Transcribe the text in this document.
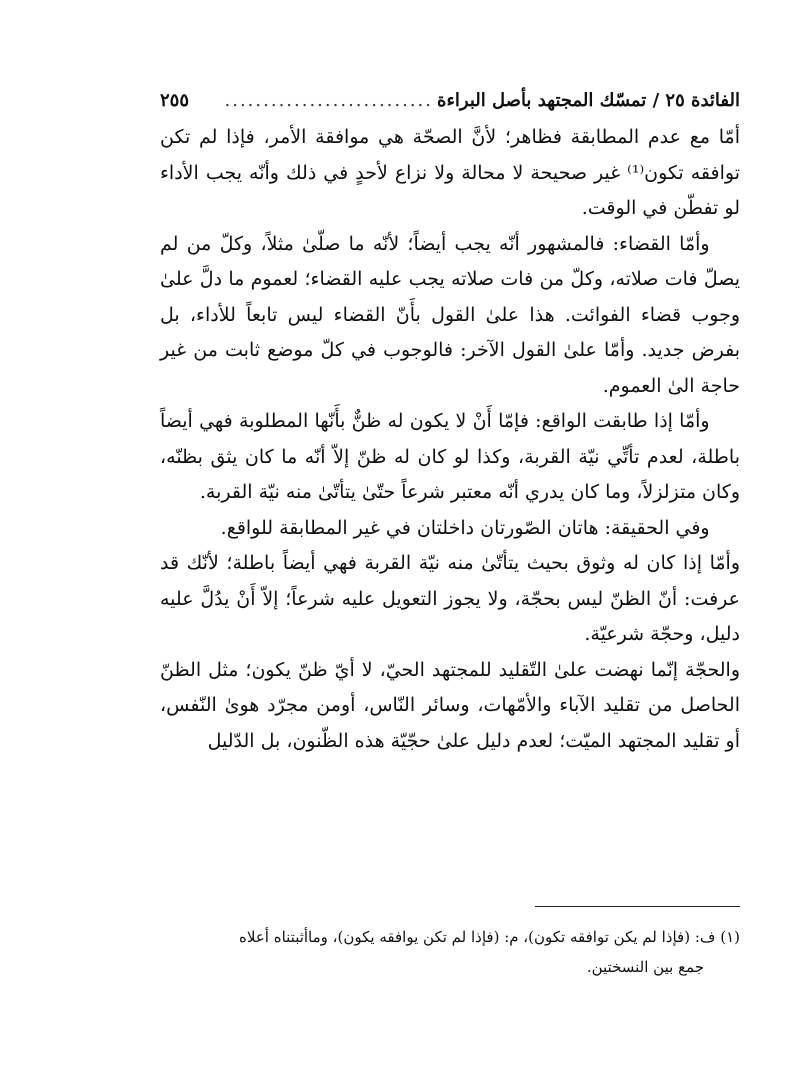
الفائدة ٢٥ / تمسّك المجتهد بأصل البراءة
...........................
٢٥٥

أمّا مع عدم المطابقة فظاهر؛ لأنَّ الصحّة هي موافقة الأمر، فإذا لم تكن توافقه تكون⁽¹⁾ غير صحيحة لا محالة ولا نزاع لأحدٍ في ذلك وأنّه يجب الأداء لو تفطّن في الوقت.

وأمّا القضاء: فالمشهور أنّه يجب أيضاً؛ لأنّه ما صلّىٰ مثلاً، وكلّ من لم يصلّ فات صلاته، وكلّ من فات صلاته يجب عليه القضاء؛ لعموم ما دلَّ علىٰ وجوب قضاء الفوائت. هذا علىٰ القول بأَنّ القضاء ليس تابعاً للأداء، بل بفرض جديد. وأمّا علىٰ القول الآخر: فالوجوب في كلّ موضع ثابت من غير حاجة الىٰ العموم.

وأمّا إذا طابقت الواقع: فإمّا أَنْ لا يكون له ظنٌّ بأَنّها المطلوبة فهي أيضاً باطلة، لعدم تأتِّي نيّة القربة، وكذا لو كان له ظنّ إلاّ أنّه ما كان يثق بظنّه، وكان متزلزلاً، وما كان يدري أنّه معتبر شرعاً حتّىٰ يتأتّىٰ منه نيّة القربة.

وفي الحقيقة: هاتان الصّورتان داخلتان في غير المطابقة للواقع.

وأمّا إذا كان له وثوق بحيث يتأتّىٰ منه نيّة القربة فهي أيضاً باطلة؛ لأنّك قد عرفت: أنّ الظنّ ليس بحجّة، ولا يجوز التعويل عليه شرعاً؛ إلاّ أَنْ يدُلَّ عليه دليل، وحجّة شرعيّة.

والحجّة إنّما نهضت علىٰ التّقليد للمجتهد الحيّ، لا أيّ ظنّ يكون؛ مثل الظنّ الحاصل من تقليد الآباء والأمّهات، وسائر النّاس، أومن مجرّد هوىٰ النّفس، أو تقليد المجتهد الميّت؛ لعدم دليل علىٰ حجّيّة هذه الظّنون، بل الدّليل

(١) ف: (فإذا لم يكن توافقه تكون)، م: (فإذا لم تكن يوافقه يكون)، وماأثبتناه أعلاه

جمع بين النسختين.
